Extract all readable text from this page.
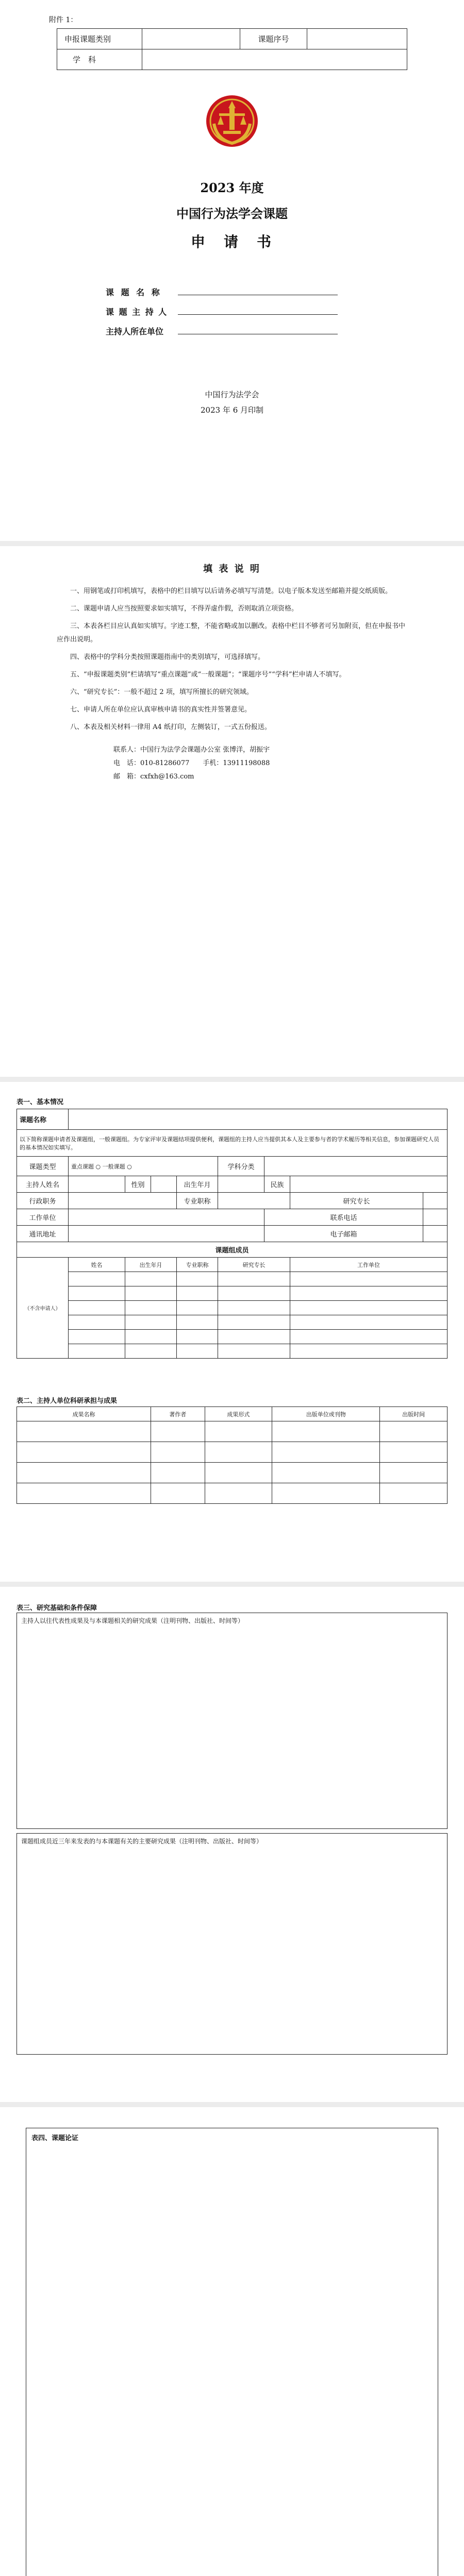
附件 1：
申报课题类别		课题序号	
学　科			
2023 年度
中国行为法学会课题
申　请　书
课 题 名 称
课 题 主 持 人
主持人所在单位
中国行为法学会
2023 年 6 月印制
填 表 说 明

一、用钢笔或打印机填写，表格中的栏目填写以后请务必填写写清楚。以电子版本发送至邮箱并提交纸质版。

二、课题申请人应当按照要求如实填写，不得弄虚作假，否则取消立项资格。

三、本表各栏目应认真如实填写。字迹工整，不能省略或加以删改。表格中栏目不够者可另加附页，但在申报书中应作出说明。

四、表格中的学科分类按照课题指南中的类别填写，可选择填写。

五、“申报课题类别”栏请填写“重点课题”或“一般课题”；“课题序号”“学科”栏申请人不填写。

六、“研究专长”：一般不超过 2 项，填写所擅长的研究领域。

七、申请人所在单位应认真审核申请书的真实性并签署意见。

八、本表及相关材料一律用 A4 纸打印，左侧装订，一式五份报送。

联系人：中国行为法学会课题办公室 张博洋，胡振宇

电　话：010-81286077　　手机：13911198088

邮　箱：cxfxh@163.com

表一、基本情况
课题名称								
以下简称课题申请者及课题组，一般课题组。为专家评审及课题结项提供便利，课题组的主持人应当提供其本人及主要参与者的学术履历等相关信息，参加课题研究人员的基本情况如实填写。								
课题类型	重点课题 ○ 一般课题 ○				学科分类			
主持人姓名		性别		出生年月		民族		
行政职务				专业职称			研究专长	
工作单位						联系电话		
通讯地址						电子邮箱		
课题组成员								
（不含申请人）	姓名	出生年月		专业职称	研究专长		工作单位	

表二、主持人单位科研承担与成果
成果名称	著作者	成果形式	出版单位或刊物	出版时间

表三、研究基础和条件保障
主持人以往代表性成果及与本课题相关的研究成果（注明刊物、出版社、时间等）
课题组成员近三年来发表的与本课题有关的主要研究成果（注明刊物、出版社、时间等）
表四、课题论证
